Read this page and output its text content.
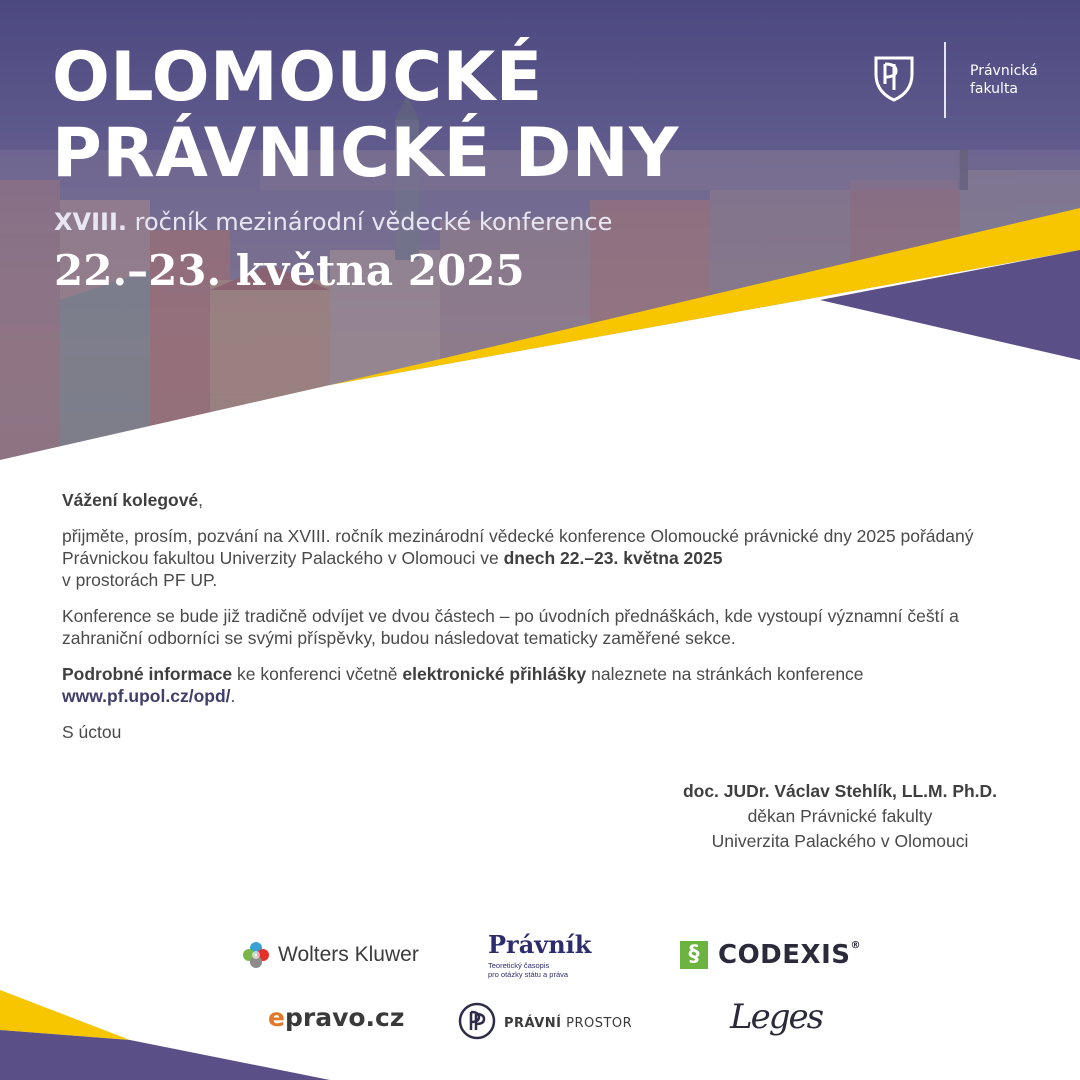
OLOMOUCKÉ
PRÁVNICKÉ DNY
XVIII. ročník mezinárodní vědecké konference
22.–23. května 2025
Právnická
fakulta

Vážení kolegové,

přijměte, prosím, pozvání na XVIII. ročník mezinárodní vědecké konference Olomoucké právnické dny 2025 pořádaný Právnickou fakultou Univerzity Palackého v Olomouci ve dnech 22.–23. května 2025
v prostorách PF UP.

Konference se bude již tradičně odvíjet ve dvou částech – po úvodních přednáškách, kde vystoupí významní čeští a zahraniční odborníci se svými příspěvky, budou následovat tematicky zaměřené sekce.

Podrobné informace ke konferenci včetně elektronické přihlášky naleznete na stránkách konference
www.pf.upol.cz/opd/.

S úctou

doc. JUDr. Václav Stehlík, LL.M. Ph.D.
děkan Právnické fakulty
Univerzita Palackého v Olomouci
Wolters Kluwer	Právník
Teoretický časopis
pro otázky státu a práva
§ CODEXIS®
epravo.cz	PRÁVNÍ PROSTOR	Leges
